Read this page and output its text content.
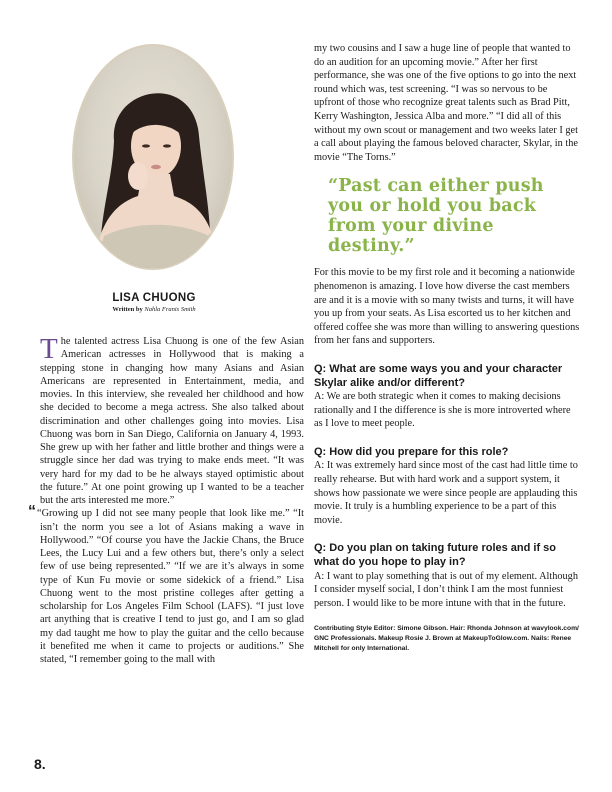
LISA CHUONG
Written by Nahla Franis Smith

The talented actress Lisa Chuong is one of the few Asian American actresses in Hollywood that is making a stepping stone in changing how many Asians and Asian Americans are represented in Entertainment, media, and movies. In this interview, she revealed her childhood and how she decided to become a mega actress. She also talked about discrimination and other challenges going into movies. Lisa Chuong was born in San Diego, California on January 4, 1993. She grew up with her father and little brother and things were a struggle since her dad was trying to make ends meet. “It was very hard for my dad to be he always stayed optimistic about the future.” At one point growing up I wanted to be a teacher but the arts interested me more.”

““Growing up I did not see many people that look like me.” “It isn’t the norm you see a lot of Asians making a wave in Hollywood.” “Of course you have the Jackie Chans, the Bruce Lees, the Lucy Lui and a few others but, there’s only a select few of use being represented.” “If we are it’s always in some type of Kun Fu movie or some sidekick of a friend.” Lisa Chuong went to the most pristine colleges after getting a scholarship for Los Angeles Film School (LAFS). “I just love art anything that is creative I tend to just go, and I am so glad my dad taught me how to play the guitar and the cello because it benefited me when it came to projects or auditions.” She stated, “I remember going to the mall with

my two cousins and I saw a huge line of people that wanted to do an audition for an upcoming movie.” After her first performance, she was one of the five options to go into the next round which was, test screening. “I was so nervous to be upfront of those who recognize great talents such as Brad Pitt, Kerry Washington, Jessica Alba and more.” “I did all of this without my own scout or management and two weeks later I get a call about playing the famous beloved character, Skylar, in the movie “The Torns.”

“Past can either push you or hold you back from your divine destiny.”

For this movie to be my first role and it becoming a nationwide phenomenon is amazing. I love how diverse the cast members are and it is a movie with so many twists and turns, it will have you up from your seats. As Lisa escorted us to her kitchen and offered coffee she was more than willing to answering questions from her fans and supporters.

Q: What are some ways you and your character Skylar alike and/or different?

A: We are both strategic when it comes to making decisions rationally and I the difference is she is more introverted where as I love to meet people.

Q: How did you prepare for this role?

A: It was extremely hard since most of the cast had little time to really rehearse. But with hard work and a support system, it shows how passionate we were since people are applauding this movie. It truly is a humbling experience to be a part of this movie.

Q: Do you plan on taking future roles and if so what do you hope to play in?

A: I want to play something that is out of my element. Although I consider myself social, I don’t think I am the most funniest person. I would like to be more intune with that in the future.

Contributing Style Editor: Simone Gibson. Hair: Rhonda Johnson at wavylook.com/ GNC Professionals. Makeup Rosie J. Brown at MakeupToGlow.com. Nails: Renee Mitchell for only International.
8.
